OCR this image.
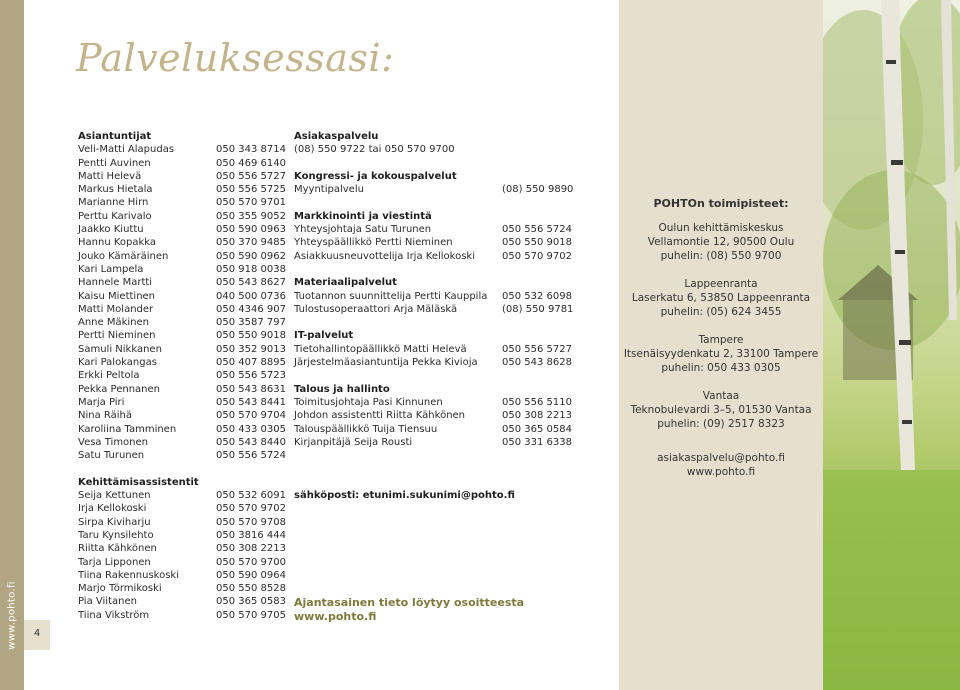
www.pohto.fi	4
Palveluksessasi:
Asiantuntijat
Veli-Matti Alapudas	050 343 8714
Pentti Auvinen	050 469 6140
Matti Helevä	050 556 5727
Markus Hietala	050 556 5725
Marianne Hirn	050 570 9701
Perttu Karivalo	050 355 9052
Jaakko Kiuttu	050 590 0963
Hannu Kopakka	050 370 9485
Jouko Kämäräinen	050 590 0962
Kari Lampela	050 918 0038
Hannele Martti	050 543 8627
Kaisu Miettinen	040 500 0736
Matti Molander	050 4346 907
Anne Mäkinen	050 3587 797
Pertti Nieminen	050 550 9018
Samuli Nikkanen	050 352 9013
Kari Palokangas	050 407 8895
Erkki Peltola	050 556 5723
Pekka Pennanen	050 543 8631
Marja Piri	050 543 8441
Nina Räihä	050 570 9704
Karoliina Tamminen	050 433 0305
Vesa Timonen	050 543 8440
Satu Turunen	050 556 5724
Kehittämisassistentit
Seija Kettunen	050 532 6091
Irja Kellokoski	050 570 9702
Sirpa Kiviharju	050 570 9708
Taru Kynsilehto	050 3816 444
Riitta Kähkönen	050 308 2213
Tarja Lipponen	050 570 9700
Tiina Rakennuskoski	050 590 0964
Marjo Törmikoski	050 550 8528
Pia Viitanen	050 365 0583
Tiina Vikström	050 570 9705
Asiakaspalvelu
(08) 550 9722 tai 050 570 9700
Kongressi- ja kokouspalvelut
Myyntipalvelu	(08) 550 9890
Markkinointi ja viestintä
Yhteysjohtaja Satu Turunen	050 556 5724
Yhteyspäällikkö Pertti Nieminen	050 550 9018
Asiakkuusneuvottelija Irja Kellokoski	050 570 9702
Materiaalipalvelut
Tuotannon suunnittelija Pertti Kauppila	050 532 6098
Tulostusoperaattori Arja Mäläskä	(08) 550 9781
IT-palvelut
Tietohallintopäällikkö Matti Helevä	050 556 5727
Järjestelmäasiantuntija Pekka Kivioja	050 543 8628
Talous ja hallinto
Toimitusjohtaja Pasi Kinnunen	050 556 5110
Johdon assistentti Riitta Kähkönen	050 308 2213
Talouspäällikkö Tuija Tiensuu	050 365 0584
Kirjanpitäjä Seija Rousti	050 331 6338
sähköposti: etunimi.sukunimi@pohto.fi
Ajantasainen tieto löytyy osoitteesta
www.pohto.fi
POHTOn toimipisteet:
Oulun kehittämiskeskus
Vellamontie 12, 90500 Oulu
puhelin: (08) 550 9700
Lappeenranta
Laserkatu 6, 53850 Lappeenranta
puhelin: (05) 624 3455
Tampere
Itsenäisyydenkatu 2, 33100 Tampere
puhelin: 050 433 0305
Vantaa
Teknobulevardi 3–5, 01530 Vantaa
puhelin: (09) 2517 8323
asiakaspalvelu@pohto.fi
www.pohto.fi
